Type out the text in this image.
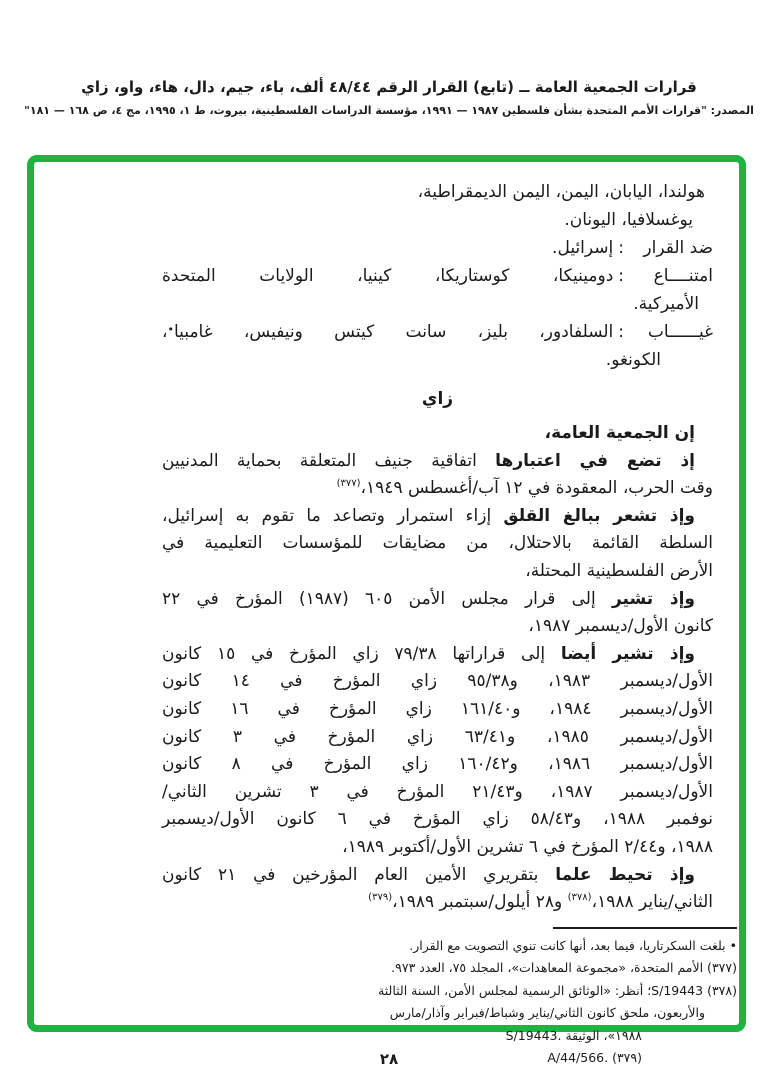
قرارات الجمعية العامة ــ (تابع) القرار الرقم ٤٨/٤٤ ألف، باء، جيم، دال، هاء، واو، زاي
المصدر: "قرارات الأمم المتحدة بشأن فلسطين ١٩٨٧ — ١٩٩١، مؤسسة الدراسات الفلسطينية، بيروت، ط ١، ١٩٩٥، مج ٤، ص ١٦٨ — ١٨١"
هولندا، اليابان، اليمن، اليمن الديمقراطية،
يوغسلافيا، اليونان.
ضد القرار:إسرائيل.
امتنــــاع:دومينيكا، كوستاريكا، كينيا، الولايات المتحدة
الأميركية.
غيــــــاب:السلفادور، بليز، سانت كيتس ونيفيس، غامبيا•،
الكونغو.
زاي
إن الجمعية العامة،
إذ تضع في اعتبارها اتفاقية جنيف المتعلقة بحماية المدنيين
وقت الحرب، المعقودة في ١٢ آب/أغسطس ١٩٤٩،$^{(٣٧٧)}$
وإذ تشعر ببالغ القلق إزاء استمرار وتصاعد ما تقوم به إسرائيل،
السلطة القائمة بالاحتلال، من مضايقات للمؤسسات التعليمية في
الأرض الفلسطينية المحتلة،
وإذ تشير إلى قرار مجلس الأمن ٦٠٥ (١٩٨٧) المؤرخ في ٢٢
كانون الأول/ديسمبر ١٩٨٧،
وإذ تشير أيضا إلى قراراتها ٧٩/٣٨ زاي المؤرخ في ١٥ كانون
الأول/ديسمبر ١٩٨٣، و٩٥/٣٨ زاي المؤرخ في ١٤ كانون
الأول/ديسمبر ١٩٨٤، و١٦١/٤٠ زاي المؤرخ في ١٦ كانون
الأول/ديسمبر ١٩٨٥، و٦٣/٤١ زاي المؤرخ في ٣ كانون
الأول/ديسمبر ١٩٨٦، و١٦٠/٤٢ زاي المؤرخ في ٨ كانون
الأول/ديسمبر ١٩٨٧، و٢١/٤٣ المؤرخ في ٣ تشرين الثاني/
نوفمبر ١٩٨٨، و٥٨/٤٣ زاي المؤرخ في ٦ كانون الأول/ديسمبر
١٩٨٨، و٢/٤٤ المؤرخ في ٦ تشرين الأول/أكتوبر ١٩٨٩،
وإذ تحيط علما بتقريري الأمين العام المؤرخين في ٢١ كانون
الثاني/يناير ١٩٨٨،$^{(٣٧٨)}$ و٢٨ أيلول/سبتمبر ١٩٨٩،$^{(٣٧٩)}$
• بلغت السكرتاريا، فيما بعد، أنها كانت تنوي التصويت مع القرار.
(٣٧٧) الأمم المتحدة، «مجموعة المعاهدات»، المجلد ٧٥، العدد ٩٧٣.
(٣٧٨) S/19443؛ أنظر: «الوثائق الرسمية لمجلس الأمن، السنة الثالثة
والأربعون، ملحق كانون الثاني/يناير وشباط/فبراير وآذار/مارس
١٩٨٨»، الوثيقة S/19443.
(٣٧٩) A/44/566.
٢٨
